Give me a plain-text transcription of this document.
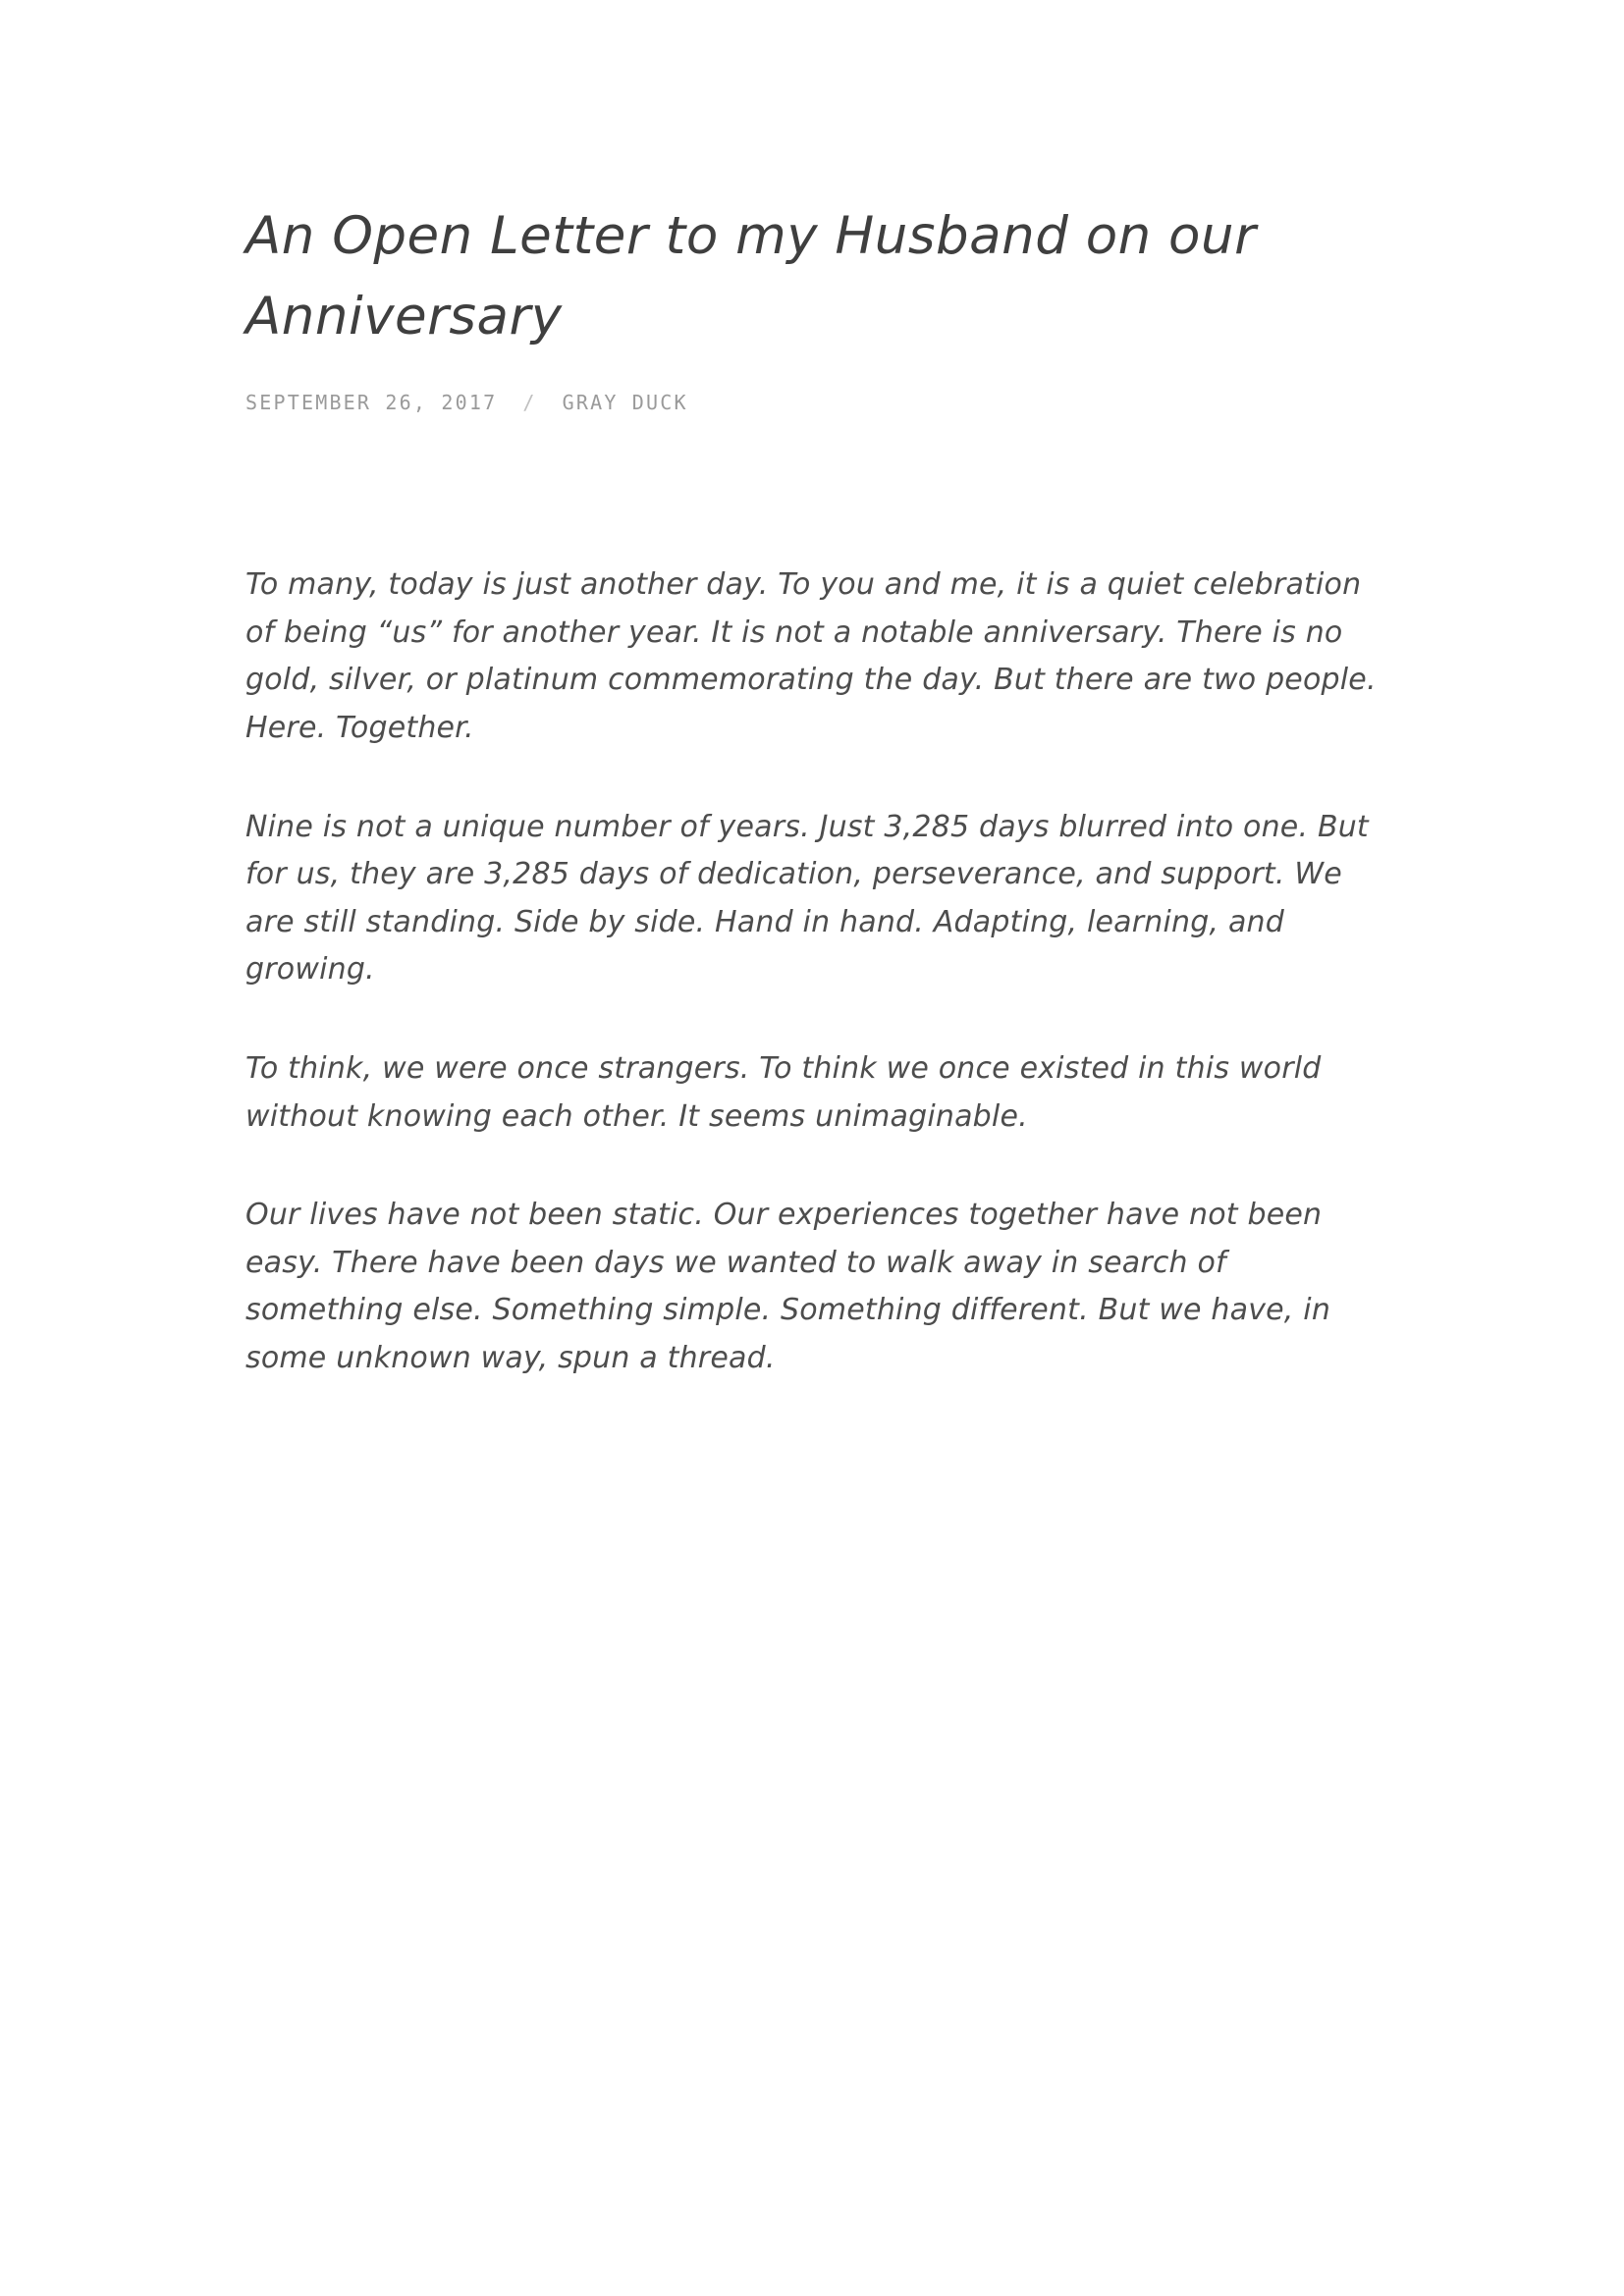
An Open Letter to my Husband on our Anniversary
SEPTEMBER 26, 2017 / GRAY DUCK

To many, today is just another day. To you and me, it is a quiet celebration of being “us” for another year. It is not a notable anniversary. There is no gold, silver, or platinum commemorating the day. But there are two people. Here. Together.

Nine is not a unique number of years. Just 3,285 days blurred into one. But for us, they are 3,285 days of dedication, perseverance, and support. We are still standing. Side by side. Hand in hand. Adapting, learning, and growing.

To think, we were once strangers. To think we once existed in this world without knowing each other. It seems unimaginable.

Our lives have not been static. Our experiences together have not been easy. There have been days we wanted to walk away in search of something else. Something simple. Something different. But we have, in some unknown way, spun a thread.
